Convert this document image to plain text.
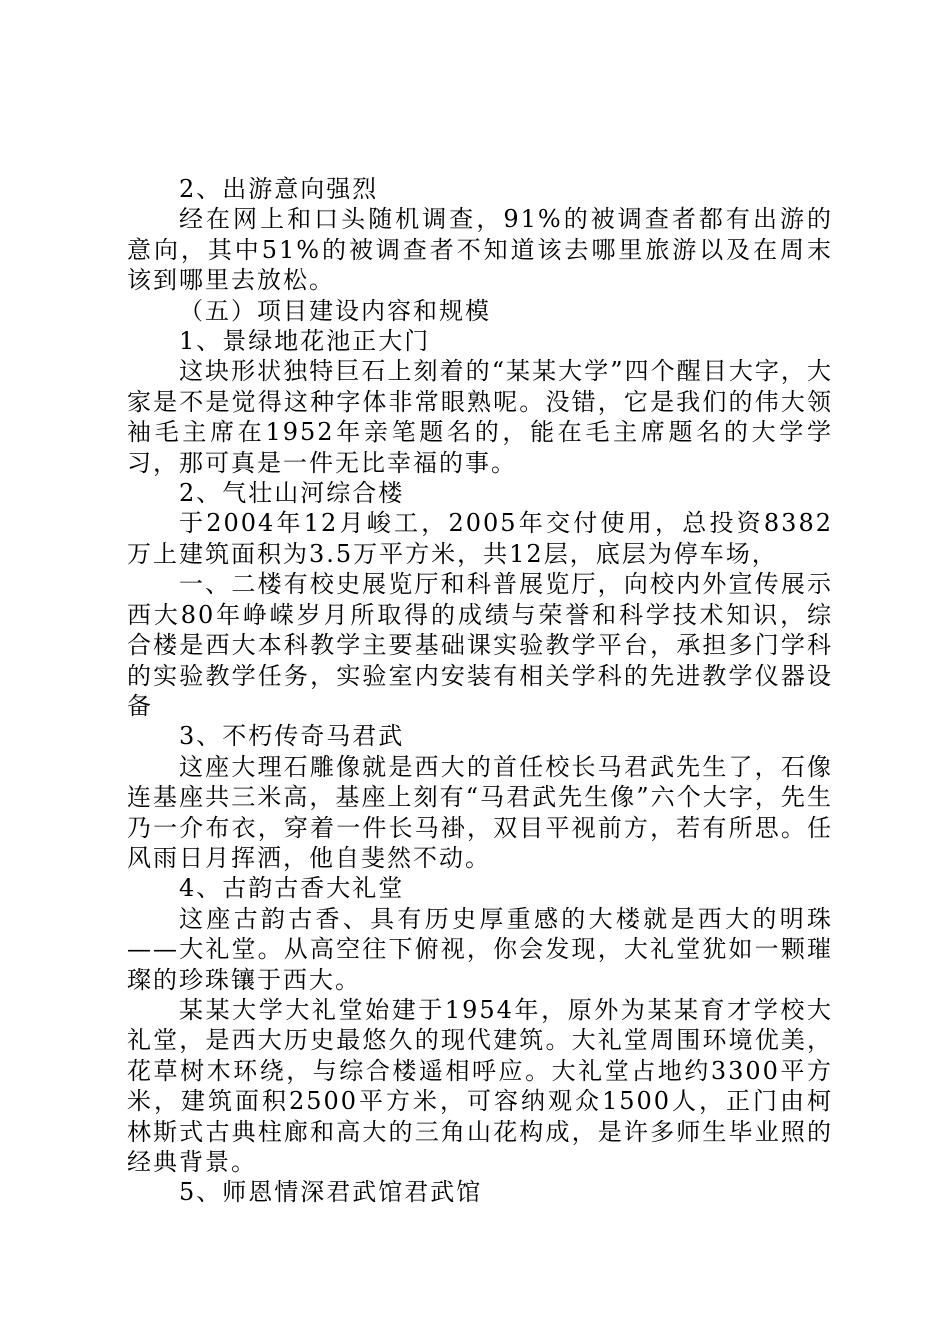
2、出游意向强烈

经在网上和口头随机调查，91%的被调查者都有出游的意向，其中51%的被调查者不知道该去哪里旅游以及在周末该到哪里去放松。

（五）项目建设内容和规模

1、景绿地花池正大门

这块形状独特巨石上刻着的“某某大学”四个醒目大字，大家是不是觉得这种字体非常眼熟呢。没错，它是我们的伟大领袖毛主席在1952年亲笔题名的，能在毛主席题名的大学学习，那可真是一件无比幸福的事。

2、气壮山河综合楼

于2004年12月峻工，2005年交付使用，总投资8382万上建筑面积为3.5万平方米，共12层，底层为停车场，

一、二楼有校史展览厅和科普展览厅，向校内外宣传展示西大80年峥嵘岁月所取得的成绩与荣誉和科学技术知识，综合楼是西大本科教学主要基础课实验教学平台，承担多门学科的实验教学任务，实验室内安装有相关学科的先进教学仪器设备

3、不朽传奇马君武

这座大理石雕像就是西大的首任校长马君武先生了，石像连基座共三米高，基座上刻有“马君武先生像”六个大字，先生乃一介布衣，穿着一件长马褂，双目平视前方，若有所思。任风雨日月挥洒，他自斐然不动。

4、古韵古香大礼堂

这座古韵古香、具有历史厚重感的大楼就是西大的明珠——大礼堂。从高空往下俯视，你会发现，大礼堂犹如一颗璀璨的珍珠镶于西大。

某某大学大礼堂始建于1954年，原外为某某育才学校大礼堂，是西大历史最悠久的现代建筑。大礼堂周围环境优美，花草树木环绕，与综合楼遥相呼应。大礼堂占地约3300平方米，建筑面积2500平方米，可容纳观众1500人，正门由柯林斯式古典柱廊和高大的三角山花构成，是许多师生毕业照的经典背景。

5、师恩情深君武馆君武馆
